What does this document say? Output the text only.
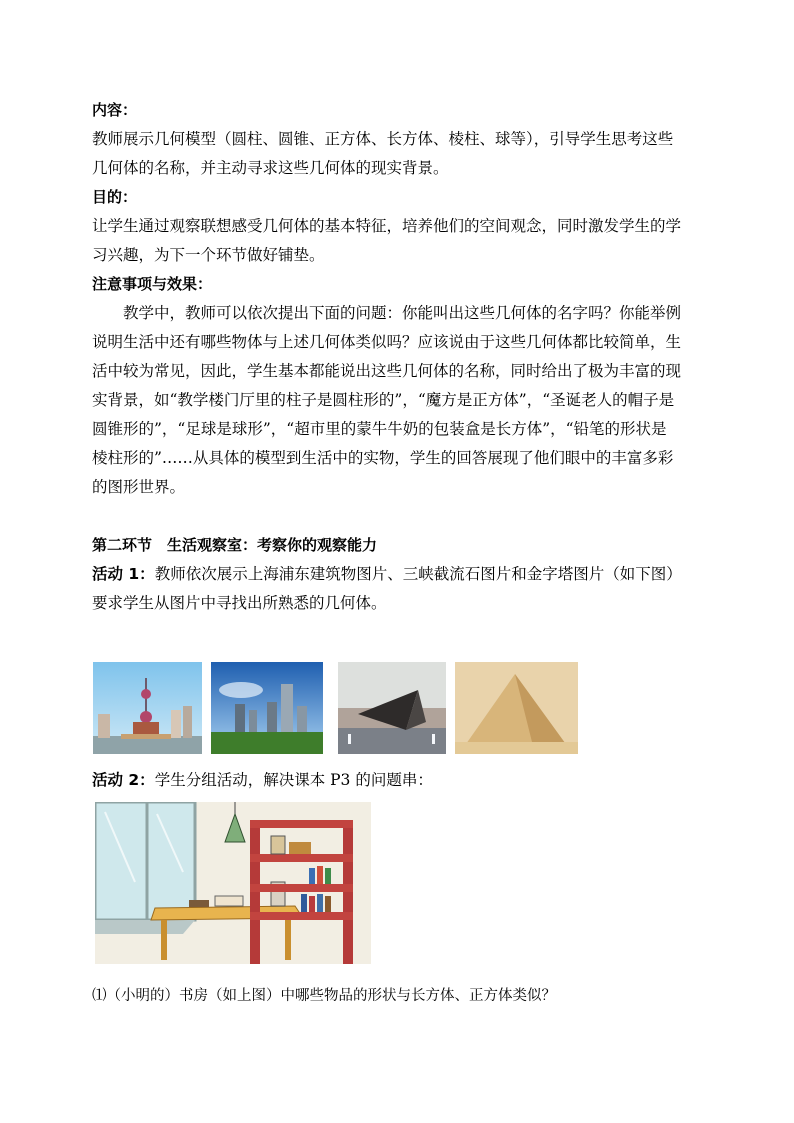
内容：
教师展示几何模型（圆柱、圆锥、正方体、长方体、棱柱、球等），引导学生思考这些
几何体的名称，并主动寻求这些几何体的现实背景。
目的：
让学生通过观察联想感受几何体的基本特征，培养他们的空间观念，同时激发学生的学
习兴趣，为下一个环节做好铺垫。
注意事项与效果：
教学中，教师可以依次提出下面的问题：你能叫出这些几何体的名字吗？你能举例
说明生活中还有哪些物体与上述几何体类似吗？应该说由于这些几何体都比较简单，生
活中较为常见，因此，学生基本都能说出这些几何体的名称，同时给出了极为丰富的现
实背景，如“教学楼门厅里的柱子是圆柱形的”，“魔方是正方体”，“圣诞老人的帽子是
圆锥形的”，“足球是球形”，“超市里的蒙牛牛奶的包装盒是长方体”，“铅笔的形状是
棱柱形的”……从具体的模型到生活中的实物，学生的回答展现了他们眼中的丰富多彩
的图形世界。
第二环节　生活观察室：考察你的观察能力
活动 1：教师依次展示上海浦东建筑物图片、三峡截流石图片和金字塔图片（如下图）
要求学生从图片中寻找出所熟悉的几何体。
活动 2：学生分组活动，解决课本 P3 的问题串：
⑴（小明的）书房（如上图）中哪些物品的形状与长方体、正方体类似？
